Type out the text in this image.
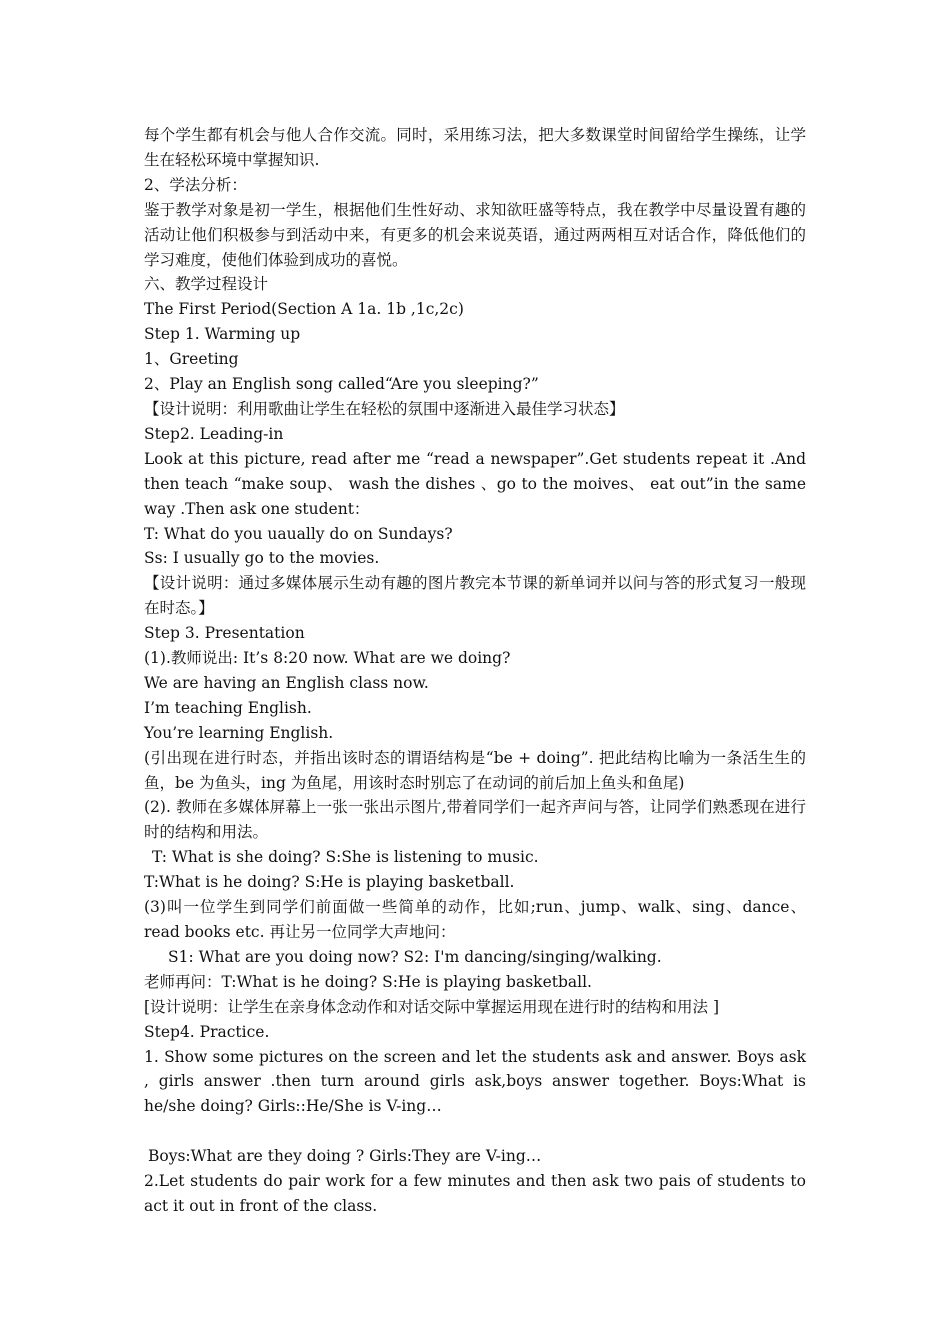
每个学生都有机会与他人合作交流。同时，采用练习法，把大多数课堂时间留给学生操练，让学生在轻松环境中掌握知识.

2、学法分析：

鉴于教学对象是初一学生，根据他们生性好动、求知欲旺盛等特点，我在教学中尽量设置有趣的活动让他们积极参与到活动中来，有更多的机会来说英语，通过两两相互对话合作，降低他们的学习难度，使他们体验到成功的喜悦。

六、教学过程设计

The First Period(Section A 1a. 1b ,1c,2c)

Step 1. Warming up

1、Greeting

2、Play an English song called“Are you sleeping?”

【设计说明：利用歌曲让学生在轻松的氛围中逐渐进入最佳学习状态】

Step2. Leading-in

Look at this picture, read after me “read a newspaper”.Get students repeat it .And then teach “make soup、 wash the dishes 、go to the moives、 eat out”in the same way .Then ask one student：

T: What do you uaually do on Sundays?

Ss: I usually go to the movies.

【设计说明：通过多媒体展示生动有趣的图片教完本节课的新单词并以问与答的形式复习一般现在时态。】

Step 3. Presentation

(1).教师说出: It’s 8:20 now. What are we doing?

We are having an English class now.

I’m teaching English.

You’re learning English.

(引出现在进行时态，并指出该时态的谓语结构是“be + doing”. 把此结构比喻为一条活生生的鱼，be 为鱼头，ing 为鱼尾，用该时态时别忘了在动词的前后加上鱼头和鱼尾)

(2). 教师在多媒体屏幕上一张一张出示图片,带着同学们一起齐声问与答，让同学们熟悉现在进行时的结构和用法。

T: What is she doing? S:She is listening to music.

T:What is he doing? S:He is playing basketball.

(3)叫一位学生到同学们前面做一些简单的动作，比如;run、jump、walk、sing、dance、read books etc. 再让另一位同学大声地问：

S1: What are you doing now? S2: I'm dancing/singing/walking.

老师再问：T:What is he doing? S:He is playing basketball.

[设计说明：让学生在亲身体念动作和对话交际中掌握运用现在进行时的结构和用法 ]

Step4. Practice.

1. Show some pictures on the screen and let the students ask and answer. Boys ask , girls answer .then turn around girls ask,boys answer together. Boys:What is he/she doing? Girls::He/She is V-ing…

Boys:What are they doing ? Girls:They are V-ing…

2.Let students do pair work for a few minutes and then ask two pais of students to act it out in front of the class.
